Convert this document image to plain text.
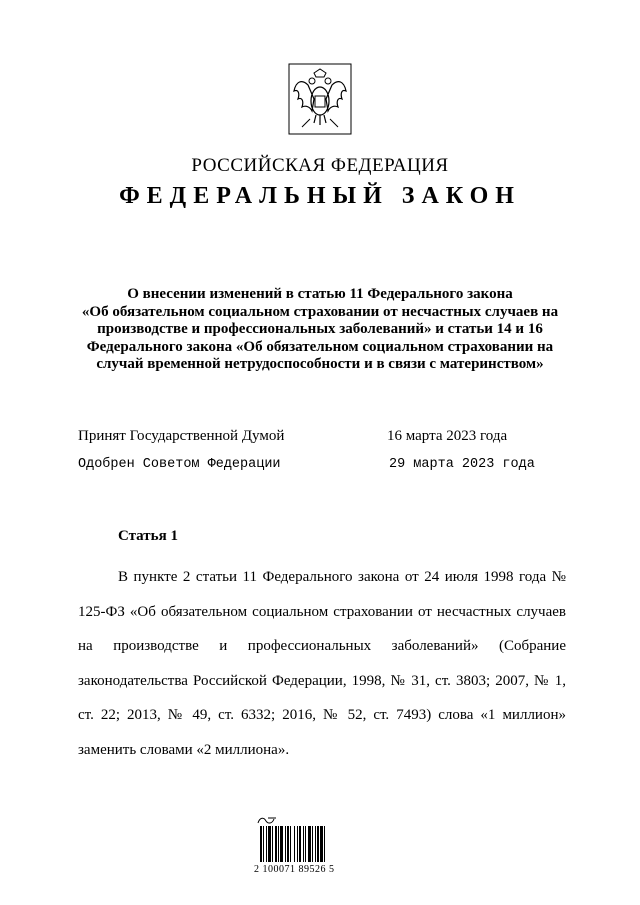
РОССИЙСКАЯ ФЕДЕРАЦИЯ
ФЕДЕРАЛЬНЫЙ ЗАКОН
О внесении изменений в статью 11 Федерального закона
«Об обязательном социальном страховании от несчастных случаев на
производстве и профессиональных заболеваний» и статьи 14 и 16
Федерального закона «Об обязательном социальном страховании на
случай временной нетрудоспособности и в связи с материнством»
Принят Государственной Думой	16 марта 2023 года
Одобрен Советом Федерации	29 марта 2023 года
Статья 1

В пункте 2 статьи 11 Федерального закона от 24 июля 1998 года № 125-ФЗ «Об обязательном социальном страховании от несчастных случаев на производстве и профессиональных заболеваний» (Собрание законодательства Российской Федерации, 1998, № 31, ст. 3803; 2007, № 1, ст. 22; 2013, № 49, ст. 6332; 2016, № 52, ст. 7493) слова «1 миллион» заменить словами «2 миллиона».

2 100071 89526 5
